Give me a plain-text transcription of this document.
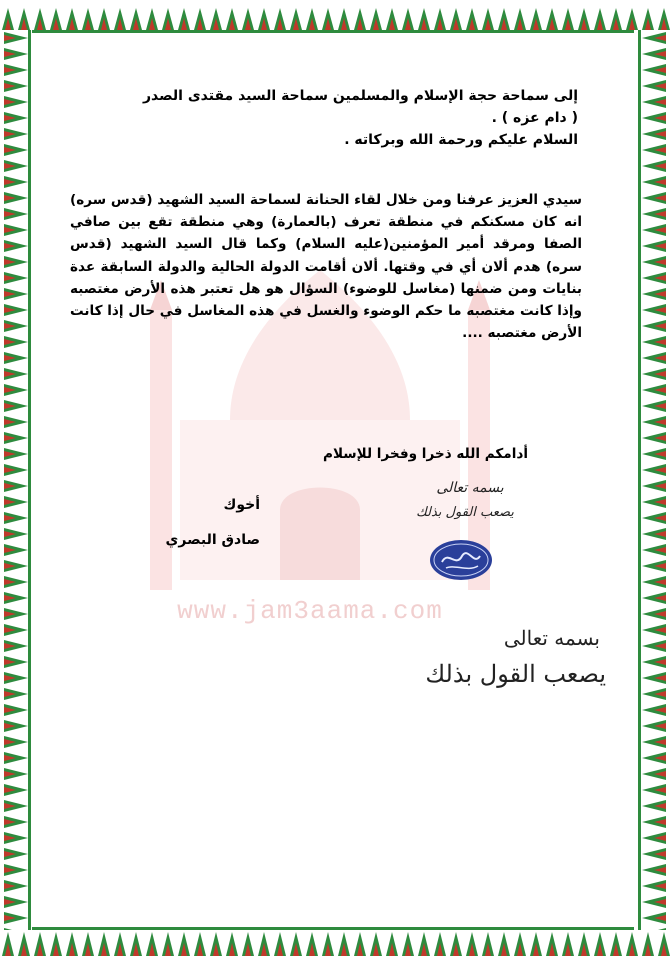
www.jam3aama.com

إلى سماحة حجة الإسلام والمسلمين سماحة السيد مقتدى الصدر

( دام عزه ) .

السلام عليكم ورحمة الله وبركاته .

سيدي العزيز عرفنا ومن خلال لقاء الحنانة لسماحة السيد الشهيد (قدس سره) انه كان مسكنكم في منطقة تعرف (بالعمارة) وهي منطقة تقع بين صافي الصفا ومرقد أمير المؤمنين(عليه السلام) وكما قال السيد الشهيد (قدس سره) هدم ألان أي في وقتها. ألان أقامت الدولة الحالية والدولة السابقة عدة بنايات ومن ضمنها (مغاسل للوضوء) السؤال هو هل تعتبر هذه الأرض مغتصبه وإذا كانت مغتصبه ما حكم الوضوء والغسل في هذه المغاسل في حال إذا كانت الأرض مغتصبه ....
أدامكم الله ذخرا وفخرا للإسلام
أخوك
صادق البصري
بسمه تعالى
يصعب القول بذلك
بسمه تعالى
يصعب القول بذلك
